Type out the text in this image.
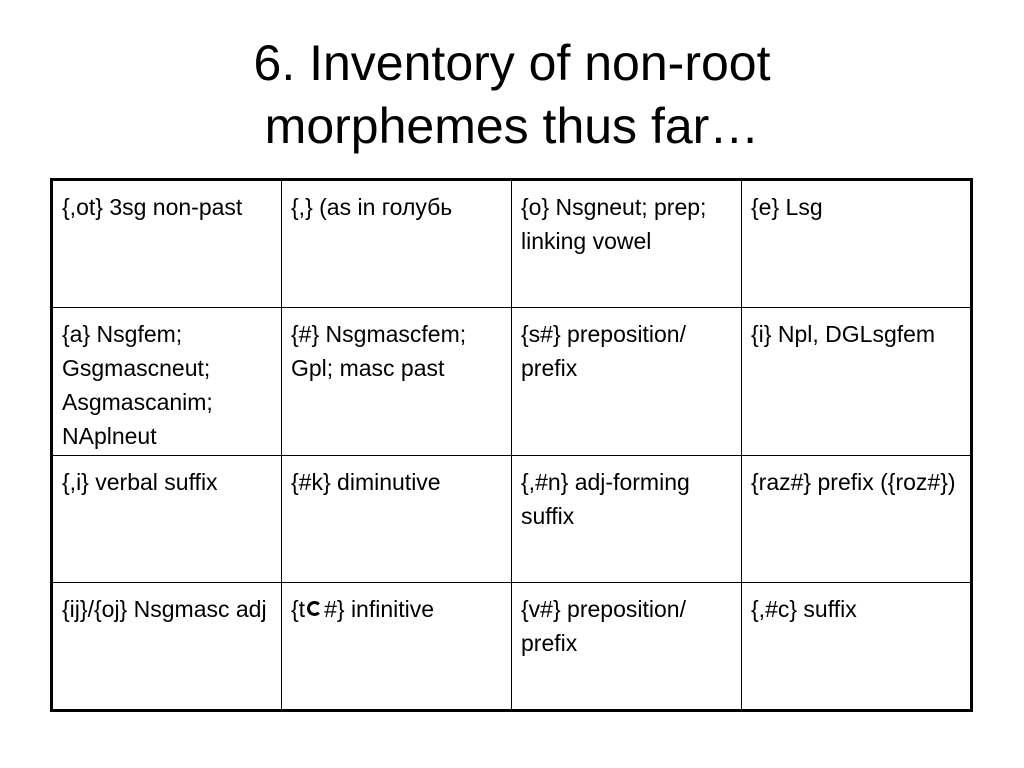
6. Inventory of non-root
morphemes thus far…
{,ot} 3sg non-past	{,} (as in голубь	{o} Nsgneut; prep; linking vowel	{e} Lsg
{a} Nsgfem; Gsgmascneut; Asgmascanim; NAplneut	{#} Nsgmascfem; Gpl; masc past	{s#} preposition/ prefix	{i} Npl, DGLsgfem
{,i} verbal suffix	{#k} diminutive	{,#n} adj-forming suffix	{raz#} prefix ({roz#})
{ij}/{oj} Nsgmasc adj	{t #} infinitive	{v#} preposition/ prefix	{,#c} suffix
